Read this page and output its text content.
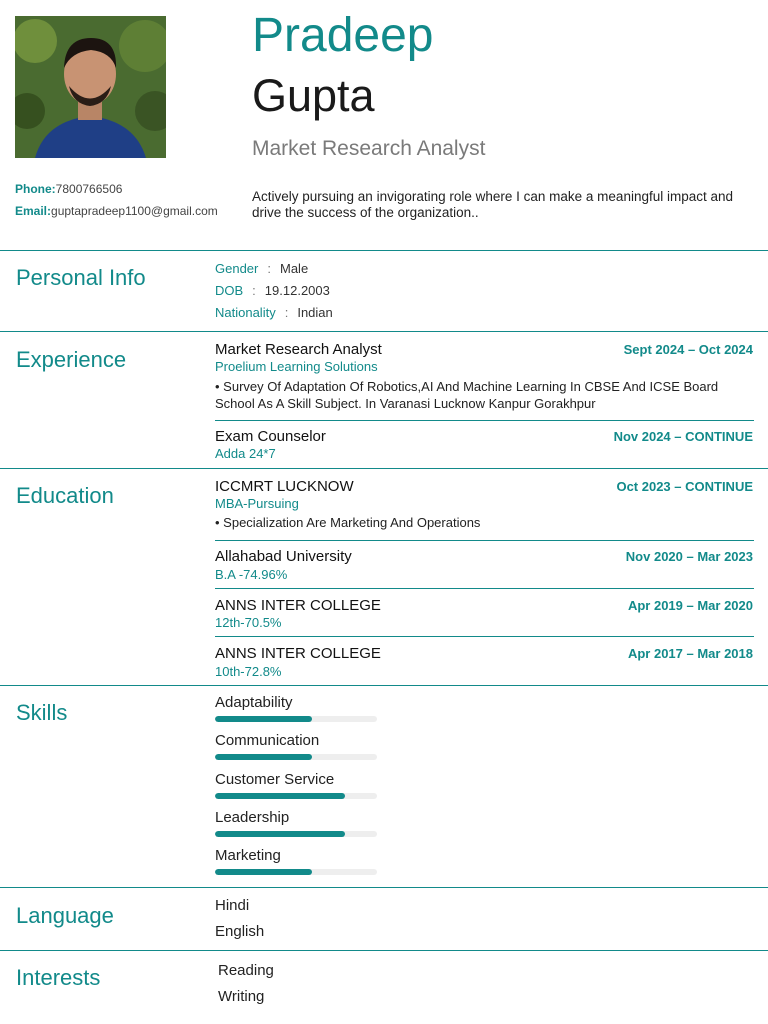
Pradeep
Gupta
Market Research Analyst
Actively pursuing an invigorating role where I can make a meaningful impact and drive the success of the organization..
Phone:7800766506
Email:guptapradeep1100@gmail.com
Personal Info	Gender : Male
DOB : 19.12.2003
Nationality : Indian
Experience	Market Research Analyst	Sept 2024 – Oct 2024
Proelium Learning Solutions
• Survey Of Adaptation Of Robotics,AI And Machine Learning In CBSE And ICSE Board School As A Skill Subject. In Varanasi Lucknow Kanpur Gorakhpur
Exam Counselor	Nov 2024 – CONTINUE
Adda 24*7
Education	ICCMRT LUCKNOW	Oct 2023 – CONTINUE
MBA-Pursuing
• Specialization Are Marketing And Operations
Allahabad University	Nov 2020 – Mar 2023
B.A -74.96%
ANNS INTER COLLEGE	Apr 2019 – Mar 2020
12th-70.5%
ANNS INTER COLLEGE	Apr 2017 – Mar 2018
10th-72.8%
Skills	Adaptability
Communication
Customer Service
Leadership
Marketing
Language	Hindi
English
Interests	Reading
Writing
